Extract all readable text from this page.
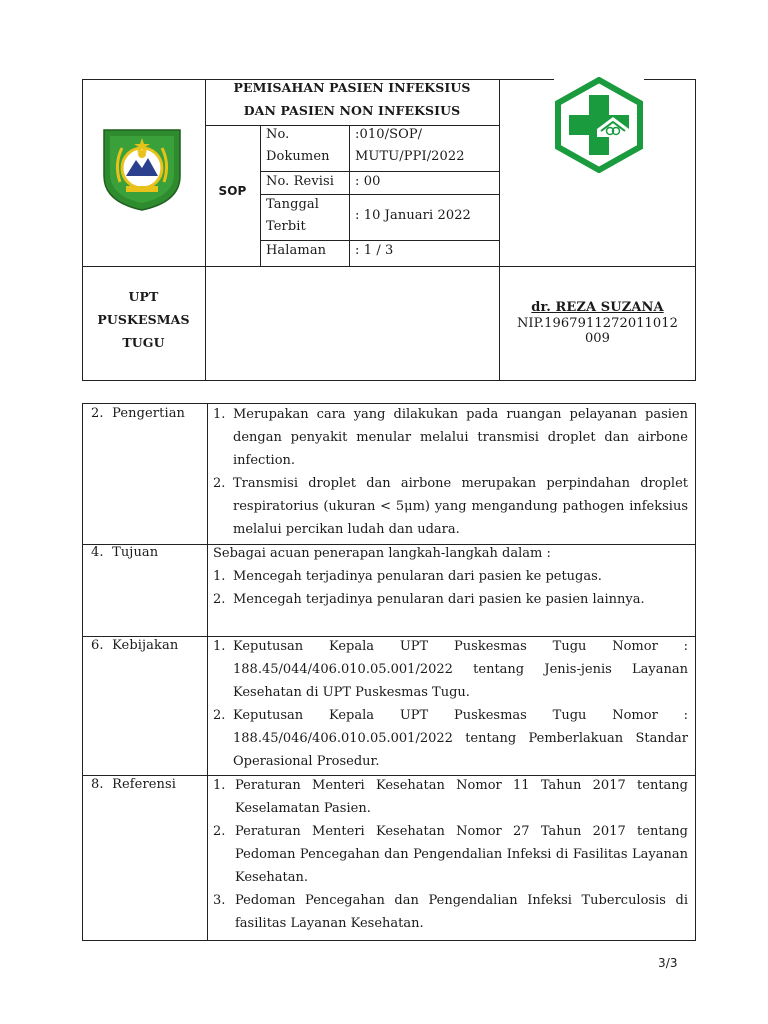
PEMISAHAN PASIEN INFEKSIUS
DAN PASIEN NON INFEKSIUS
SOP
No.
Dokumen
:010/SOP/
MUTU/PPI/2022
No. Revisi : 00
Tanggal
Terbit
: 10 Januari 2022
Halaman : 1 / 3
UPT
PUSKESMAS
TUGU
dr. REZA SUZANA
NIP.1967911272011012
009
2.  Pengertian
4.  Tujuan
6.  Kebijakan
8.  Referensi
1. Merupakan cara yang dilakukan pada ruangan pelayanan pasien dengan penyakit menular melalui transmisi droplet dan airbone infection.
2. Transmisi droplet dan airbone merupakan perpindahan droplet respiratorius (ukuran < 5μm) yang mengandung pathogen infeksius melalui percikan ludah dan udara.
Sebagai acuan penerapan langkah-langkah dalam :
1. Mencegah terjadinya penularan dari pasien ke petugas.
2. Mencegah terjadinya penularan dari pasien ke pasien lainnya.
1. Keputusan Kepala UPT Puskesmas Tugu Nomor : 188.45/044/406.010.05.001/2022 tentang Jenis-jenis Layanan Kesehatan di UPT Puskesmas Tugu.
2. Keputusan Kepala UPT Puskesmas Tugu Nomor : 188.45/046/406.010.05.001/2022 tentang Pemberlakuan Standar Operasional Prosedur.
1. Peraturan Menteri Kesehatan Nomor 11 Tahun 2017 tentang Keselamatan Pasien.
2. Peraturan Menteri Kesehatan Nomor 27 Tahun 2017 tentang Pedoman Pencegahan dan Pengendalian Infeksi di Fasilitas Layanan Kesehatan.
3. Pedoman Pencegahan dan Pengendalian Infeksi Tuberculosis di fasilitas Layanan Kesehatan.
3/3
